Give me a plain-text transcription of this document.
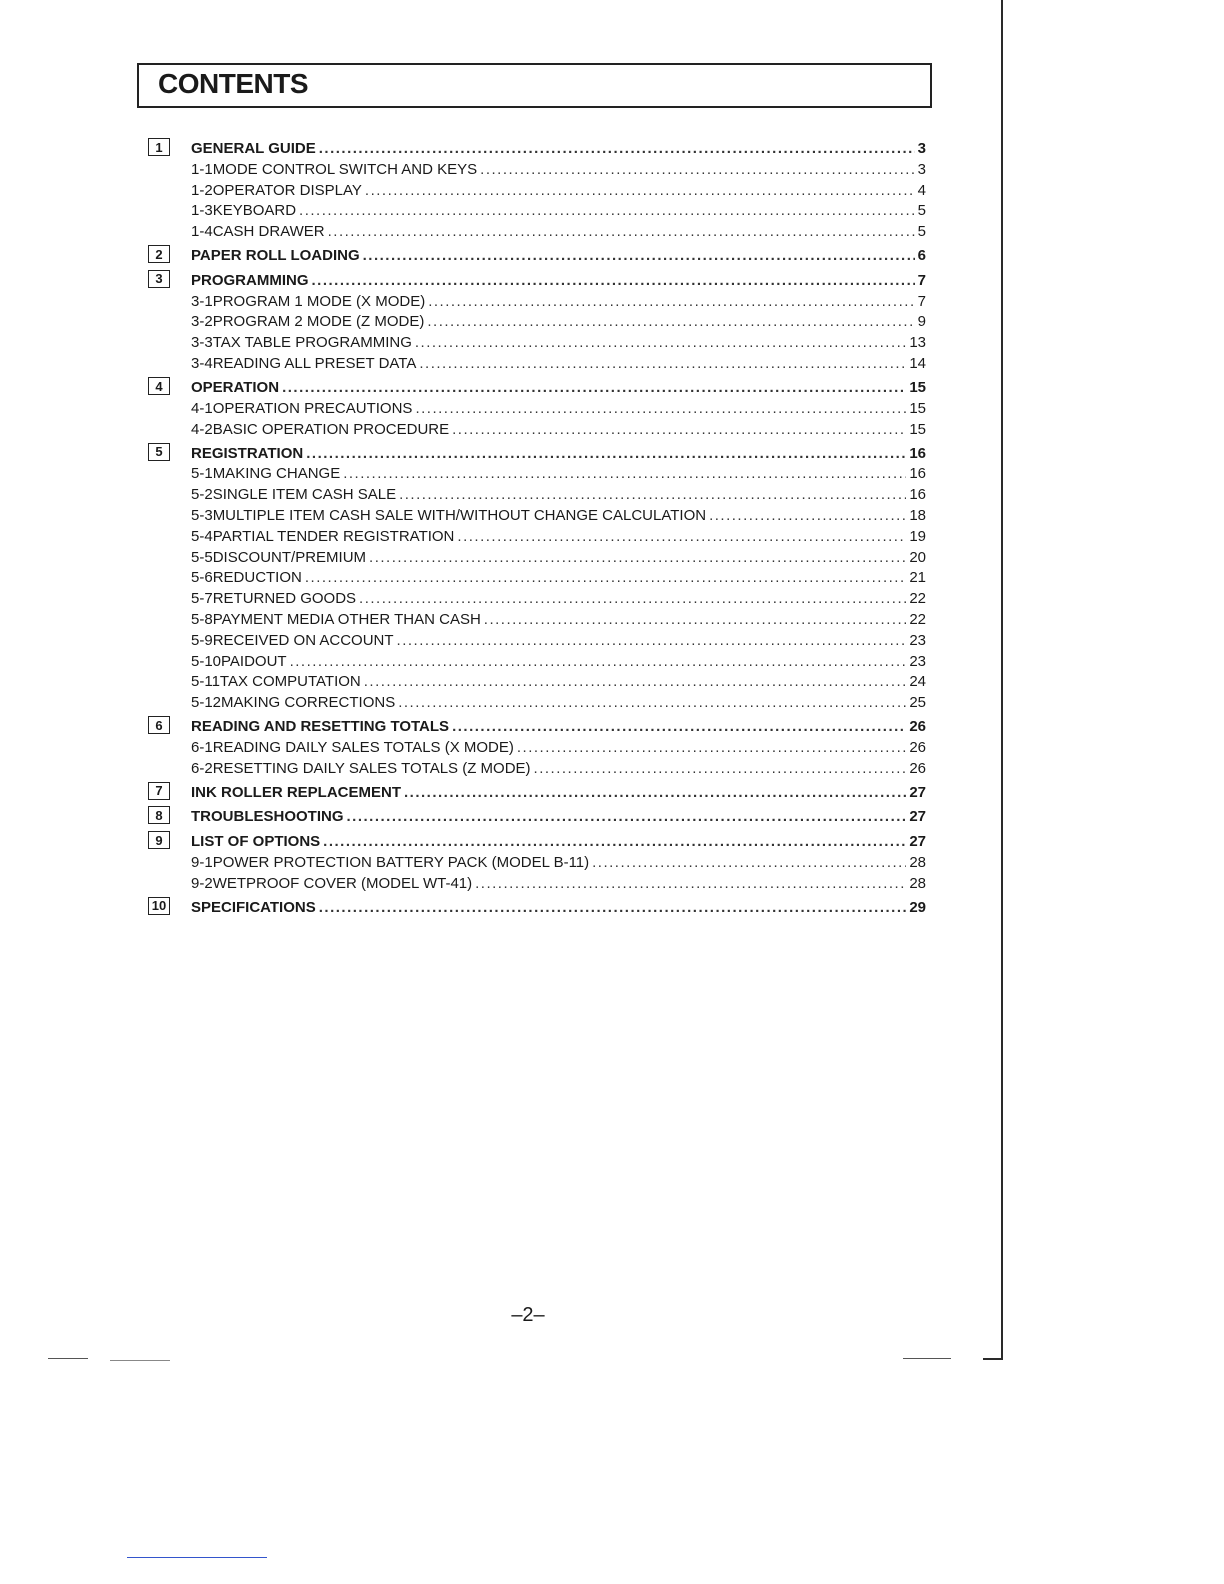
CONTENTS
1	GENERAL GUIDE .....	3
1-1 MODE CONTROL SWITCH AND KEYS .....	3
1-2 OPERATOR DISPLAY .....	4
1-3 KEYBOARD .....	5
1-4 CASH DRAWER .....	5
2	PAPER ROLL LOADING .....	6
3	PROGRAMMING .....	7
3-1 PROGRAM 1 MODE (X MODE) .....	7
3-2 PROGRAM 2 MODE (Z MODE) .....	9
3-3 TAX TABLE PROGRAMMING .....	13
3-4 READING ALL PRESET DATA .....	14
4	OPERATION .....	15
4-1 OPERATION PRECAUTIONS .....	15
4-2 BASIC OPERATION PROCEDURE .....	15
5	REGISTRATION .....	16
5-1 MAKING CHANGE .....	16
5-2 SINGLE ITEM CASH SALE .....	16
5-3 MULTIPLE ITEM CASH SALE WITH/WITHOUT CHANGE CALCULATION .....	18
5-4 PARTIAL TENDER REGISTRATION .....	19
5-5 DISCOUNT/PREMIUM .....	20
5-6 REDUCTION .....	21
5-7 RETURNED GOODS .....	22
5-8 PAYMENT MEDIA OTHER THAN CASH .....	22
5-9 RECEIVED ON ACCOUNT .....	23
5-10 PAIDOUT .....	23
5-11 TAX COMPUTATION .....	24
5-12 MAKING CORRECTIONS .....	25
6	READING AND RESETTING TOTALS .....	26
6-1 READING DAILY SALES TOTALS (X MODE) .....	26
6-2 RESETTING DAILY SALES TOTALS (Z MODE) .....	26
7	INK ROLLER REPLACEMENT .....	27
8	TROUBLESHOOTING .....	27
9	LIST OF OPTIONS .....	27
9-1 POWER PROTECTION BATTERY PACK (MODEL B-11) .....	28
9-2 WETPROOF COVER (MODEL WT-41) .....	28
10 SPECIFICATIONS .....	29
–2–
